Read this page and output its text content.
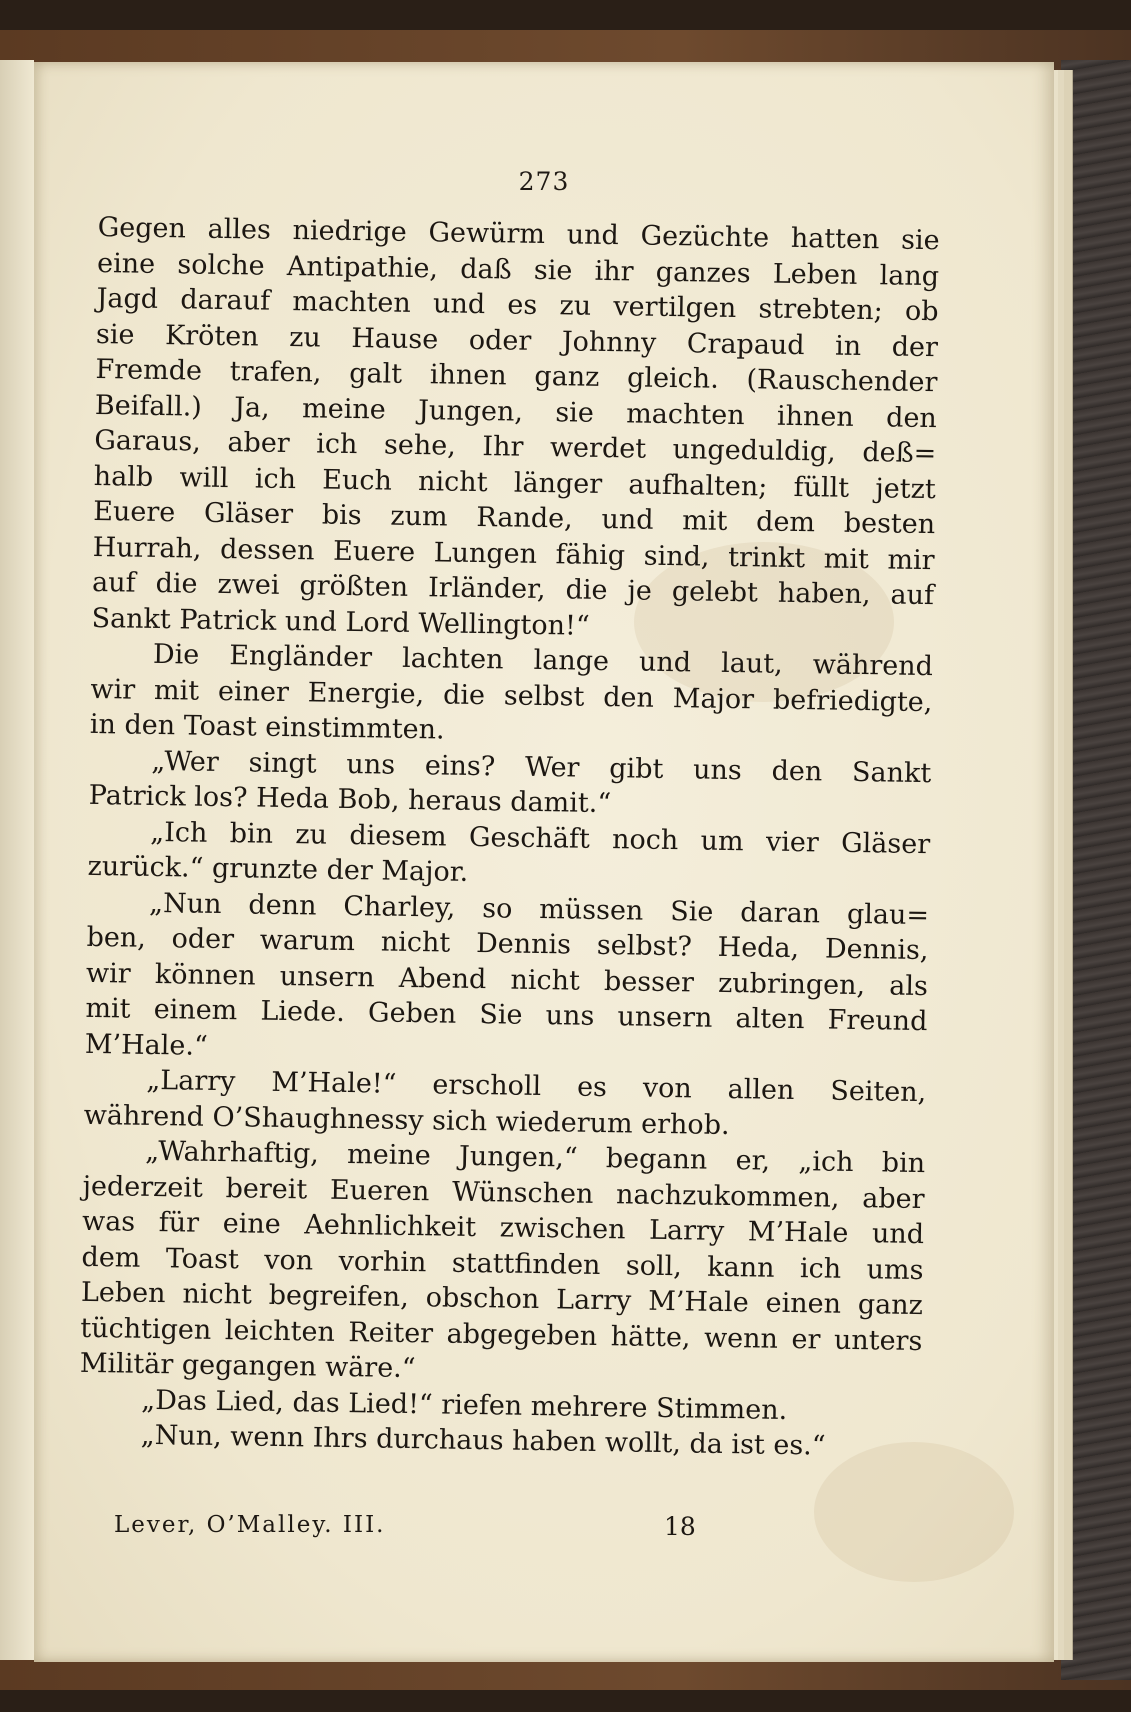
273
Gegen alles niedrige Gewürm und Gezüchte hatten sie
eine solche Antipathie, daß sie ihr ganzes Leben lang
Jagd darauf machten und es zu vertilgen strebten; ob
sie Kröten zu Hause oder Johnny Crapaud in der
Fremde trafen, galt ihnen ganz gleich. (Rauschender
Beifall.) Ja, meine Jungen, sie machten ihnen den
Garaus, aber ich sehe, Ihr werdet ungeduldig, deß=
halb will ich Euch nicht länger aufhalten; füllt jetzt
Euere Gläser bis zum Rande, und mit dem besten
Hurrah, dessen Euere Lungen fähig sind, trinkt mit mir
auf die zwei größten Irländer, die je gelebt haben, auf
Sankt Patrick und Lord Wellington!“
Die Engländer lachten lange und laut, während
wir mit einer Energie, die selbst den Major befriedigte,
in den Toast einstimmten.
„Wer singt uns eins? Wer gibt uns den Sankt
Patrick los? Heda Bob, heraus damit.“
„Ich bin zu diesem Geschäft noch um vier Gläser
zurück.“ grunzte der Major.
„Nun denn Charley, so müssen Sie daran glau=
ben, oder warum nicht Dennis selbst? Heda, Dennis,
wir können unsern Abend nicht besser zubringen, als
mit einem Liede. Geben Sie uns unsern alten Freund
M’Hale.“
„Larry M’Hale!“ erscholl es von allen Seiten,
während O’Shaughnessy sich wiederum erhob.
„Wahrhaftig, meine Jungen,“ begann er, „ich bin
jederzeit bereit Eueren Wünschen nachzukommen, aber
was für eine Aehnlichkeit zwischen Larry M’Hale und
dem Toast von vorhin stattfinden soll, kann ich ums
Leben nicht begreifen, obschon Larry M’Hale einen ganz
tüchtigen leichten Reiter abgegeben hätte, wenn er unters
Militär gegangen wäre.“
„Das Lied, das Lied!“ riefen mehrere Stimmen.
„Nun, wenn Ihrs durchaus haben wollt, da ist es.“
Lever, O’Malley. III.	18
